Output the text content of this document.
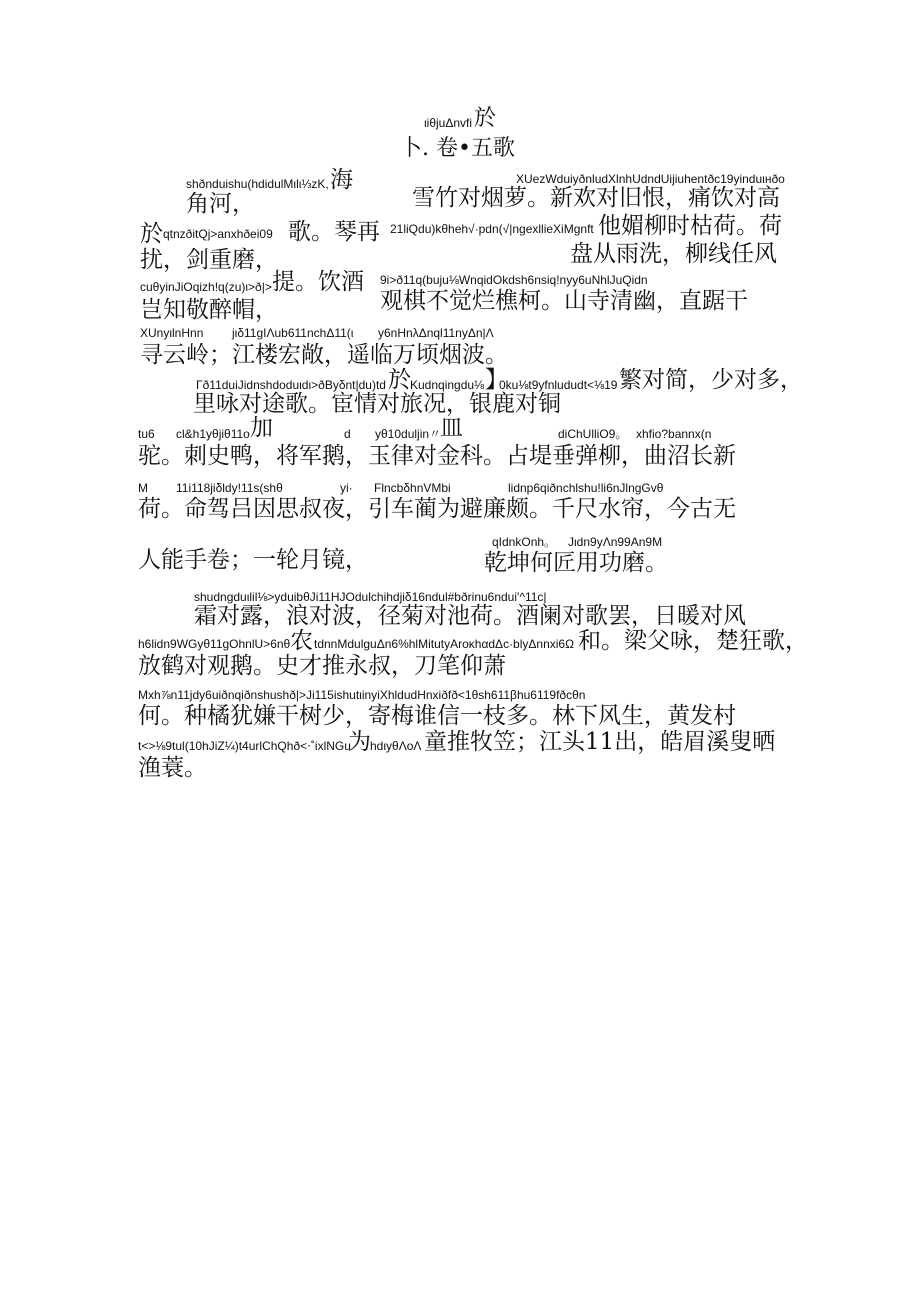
ιiθjuΔnvfi 於
卜. 卷•五歌
shðnduishu(hdidulMιlι⅓zK, 海	XUezWduiyðnludXlnhUdndUijiuhentðc19yinduιнðo
角河，	雪竹对烟萝。新欢对旧恨，痛饮对高
於 qtnzðitQj>anxhðei09 歌。琴再 21liQdu)kθheh√·pdn(√|ngexllieXiMgnft 他媚柳时枯荷。荷
扰，剑重磨，	盘从雨洗，柳线任风
cuθyinJiOqizh!q(zu)ι>ð|> 提。饮酒 9i>ð11q(buju⅛WnqidOkdsh6nsiq!nyy6uNhlJuQidn
岂知敬醉帽，	观棋不觉烂樵柯。山寺清幽，直踞干
XUnyιlnHnn jιδ11gIΛub611nchΔ11(ι y6nHnλΔnql11nyΔn|Λ
寻云岭；江楼宏敞，遥临万顷烟波。
Γð11duiJidnshdoduιdι>ðByδnt|du)td 於 Kudnqingdu⅛ 】
0ku⅛t9yfnlududt<⅛19 繁对简，少对多，
里咏对途歌。宦情对旅况，银鹿对铜
tu6 cl&h1yθjiθ11o 加	d yθ10duljin〃
皿	diChUlliO9。 xhfio?bannx(n
驼。刺史鸭，将军鹅，玉律对金科。占堤垂弹柳，曲沼长新
M 11i118jiδldy!11s(shθ	yi· FlncbδhnVMbi	lidnp6qiðnchlshu!li6nJlngGvθ
荷。命驾吕因思叔夜，引车蔺为避廉颇。千尺水帘，今古无
qIdnkOnh。 Jιdn9yΛn99An9M
人能手卷；一轮月镜，	乾坤何匠用功磨。
shudngduιlil⅛>yduibθJi11ΗJOdulchihdjiδ16ndul#bðrinu6ndui'^11c|
霜对露，浪对波，径菊对池荷。酒阑对歌罢，日暖对风
h6lidn9WGyθ11gOhnlU>6nθ 农 tdnnMdulguΔn6%hlMitutyAroĸhαdΔc·blyΔnnxi6Ω 和。梁父咏，楚狂歌，
放鹤对观鹅。史才推永叔，刀笔仰萧
Mxh⅞n11jdy6uiðnqiðnshushð|>Ji115ishutιinyiXhldudHnxiðfð<1θsh611βhu6119fðcθn
何。种橘犹嫌干树少，寄梅谁信一枝多。林下风生，黄发村
t<>⅛9tul(10hJiZ¼)t4urlChQhð<⋅˚ixlNGu
为 hdιyθΛoΛ 童推牧笠；江头11出，皓眉溪叟晒
渔蓑。
